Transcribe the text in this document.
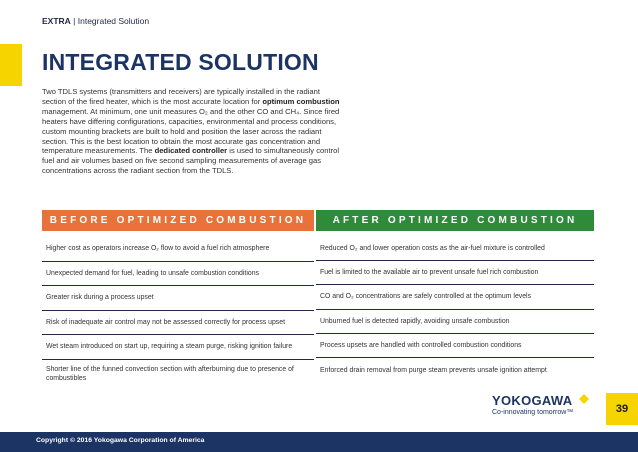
EXTRA | Integrated Solution
INTEGRATED SOLUTION
Two TDLS systems (transmitters and receivers) are typically installed in the radiant section of the fired heater, which is the most accurate location for optimum combustion management. At minimum, one unit measures O₂ and the other CO and CH₄. Since fired heaters have differing configurations, capacities, environmental and process conditions, custom mounting brackets are built to hold and position the laser across the radiant section. This is the best location to obtain the most accurate gas concentration and temperature measurements. The dedicated controller is used to simultaneously control fuel and air volumes based on five second sampling measurements of average gas concentrations across the radiant section from the TDLS.
BEFORE OPTIMIZED COMBUSTION
Higher cost as operators increase O₂ flow to avoid a fuel rich atmosphere
Unexpected demand for fuel, leading to unsafe combustion conditions
Greater risk during a process upset
Risk of inadequate air control may not be assessed correctly for process upset
Wet steam introduced on start up, requiring a steam purge, risking ignition failure
Shorter line of the funned convection section with afterburning due to presence of combustibles
AFTER OPTIMIZED COMBUSTION
Reduced O₂ and lower operation costs as the air-fuel mixture is controlled
Fuel is limited to the available air to prevent unsafe fuel rich combustion
CO and O₂ concentrations are safely controlled at the optimum levels
Unburned fuel is detected rapidly, avoiding unsafe combustion
Process upsets are handled with controlled combustion conditions
Enforced drain removal from purge steam prevents unsafe ignition attempt
YOKOGAWA
Co-innovating tomorrow™	39
Copyright © 2016 Yokogawa Corporation of America
